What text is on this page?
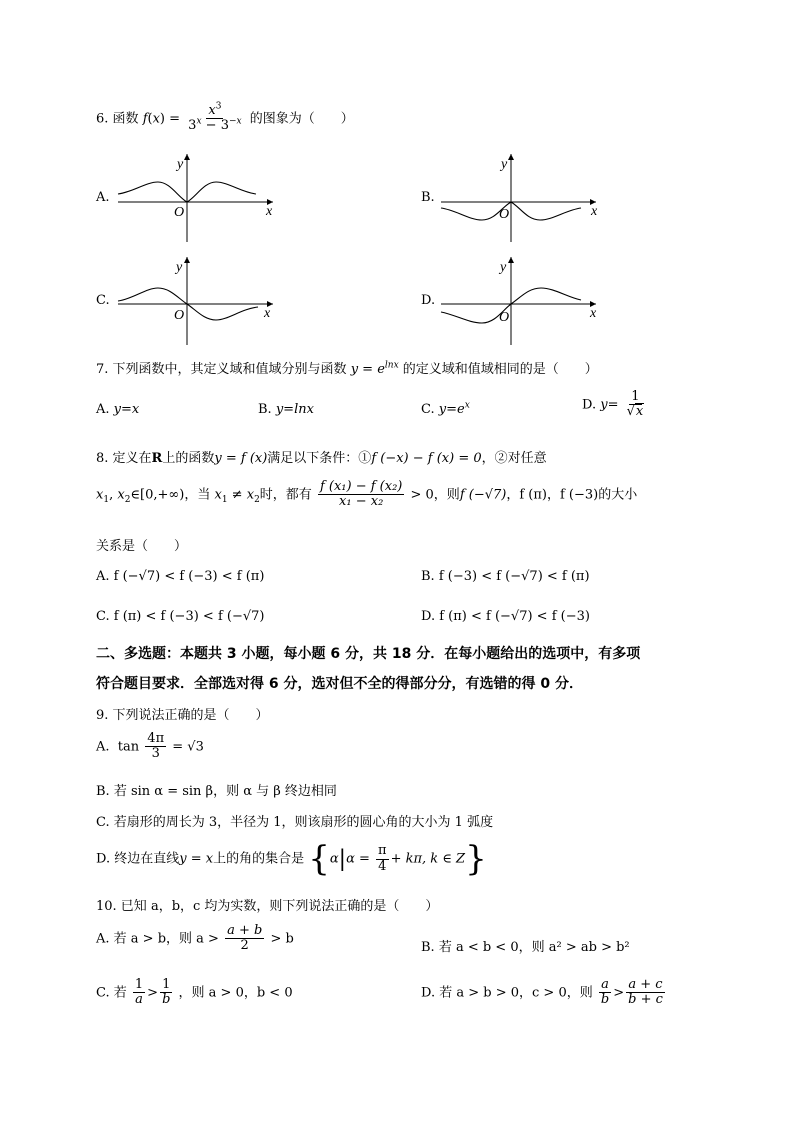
6. 函数 $f(x) = \frac{x^3}{3^x - 3^{-x}}$ 的图象为（　　）
A.
y
x
O
B.
y
x
O
C.
y
x
O
D.
y
x
O
7. 下列函数中，其定义域和值域分别与函数 $y = e^{lnx}$ 的定义域和值域相同的是（　　）
A. y=x	B. y=lnx	C. $y=e^x$	D. $y= \frac{1}{√x}$
8. 定义在R上的函数y = f (x)满足以下条件：①f (−x) − f (x) = 0，②对任意
$x_1$, $x_2\in[0,+\infty)$，当 $x_1 \ne x_2$时，都有 $\frac{\text{f (x₁) − f (x₂)}}{\text{x₁ − x₂}} > 0$，则f (−√7)，f (π)，f (−3)的大小
关系是（　　）
A. f (−√7) < f (−3) < f (π)	B. f (−3) < f (−√7) < f (π)
C. f (π) < f (−3) < f (−√7)	D. f (π) < f (−√7) < f (−3)
二、多选题：本题共 3 小题，每小题 6 分，共 18 分．在每小题给出的选项中，有多项
符合题目要求．全部选对得 6 分，选对但不全的得部分分，有选错的得 0 分．
9. 下列说法正确的是（　　）
A. $\tan \frac{4\pi}{3} = √3$
B. 若 sin α = sin β，则 α 与 β 终边相同
C. 若扇形的周长为 3，半径为 1，则该扇形的圆心角的大小为 1 弧度
D. 终边在直线y = x上的角的集合是 {$\alpha|\alpha = \frac{\pi}{4} + k\pi$, k ∈ Z}
10. 已知 a，b，c 均为实数，则下列说法正确的是（　　）
A. 若 a > b，则 $a > \frac{a + b}{2} > b$
B. 若 a < b < 0，则 a² > ab > b²
C. 若 $\frac{1}{a} > \frac{1}{b}$ ，则 a > 0，b < 0	D. 若 a > b > 0，c > 0，则 $\frac{a}{b} > \frac{a + c}{b + c}$
